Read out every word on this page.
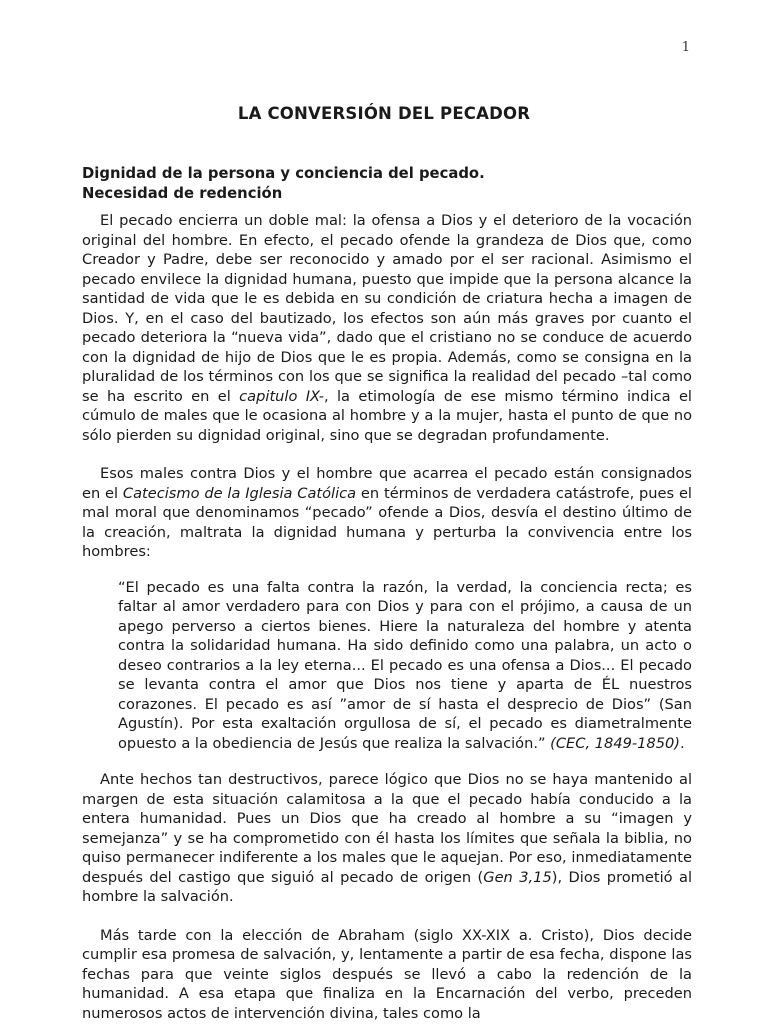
1
LA CONVERSIÓN DEL PECADOR
Dignidad de la persona y conciencia del pecado.
Necesidad de redención

El pecado encierra un doble mal: la ofensa a Dios y el deterioro de la vocación original del hombre. En efecto, el pecado ofende la grandeza de Dios que, como Creador y Padre, debe ser reconocido y amado por el ser racional. Asimismo el pecado envilece la dignidad humana, puesto que impide que la persona alcance la santidad de vida que le es debida en su condición de criatura hecha a imagen de Dios. Y, en el caso del bautizado, los efectos son aún más graves por cuanto el pecado deteriora la “nueva vida”, dado que el cristiano no se conduce de acuerdo con la dignidad de hijo de Dios que le es propia. Además, como se consigna en la pluralidad de los términos con los que se significa la realidad del pecado –tal como se ha escrito en el capitulo IX-, la etimología de ese mismo término indica el cúmulo de males que le ocasiona al hombre y a la mujer, hasta el punto de que no sólo pierden su dignidad original, sino que se degradan profundamente.

Esos males contra Dios y el hombre que acarrea el pecado están consignados en el Catecismo de la Iglesia Católica en términos de verdadera catástrofe, pues el mal moral que denominamos “pecado” ofende a Dios, desvía el destino último de la creación, maltrata la dignidad humana y perturba la convivencia entre los hombres:

“El pecado es una falta contra la razón, la verdad, la conciencia recta; es faltar al amor verdadero para con Dios y para con el prójimo, a causa de un apego perverso a ciertos bienes. Hiere la naturaleza del hombre y atenta contra la solidaridad humana. Ha sido definido como una palabra, un acto o deseo contrarios a la ley eterna... El pecado es una ofensa a Dios... El pecado se levanta contra el amor que Dios nos tiene y aparta de ÉL nuestros corazones. El pecado es así ”amor de sí hasta el desprecio de Dios” (San Agustín). Por esta exaltación orgullosa de sí, el pecado es diametralmente opuesto a la obediencia de Jesús que realiza la salvación.” (CEC, 1849-1850).

Ante hechos tan destructivos, parece lógico que Dios no se haya mantenido al margen de esta situación calamitosa a la que el pecado había conducido a la entera humanidad. Pues un Dios que ha creado al hombre a su “imagen y semejanza” y se ha comprometido con él hasta los límites que señala la biblia, no quiso permanecer indiferente a los males que le aquejan. Por eso, inmediatamente después del castigo que siguió al pecado de origen (Gen 3,15), Dios prometió al hombre la salvación.

Más tarde con la elección de Abraham (siglo XX-XIX a. Cristo), Dios decide cumplir esa promesa de salvación, y, lentamente a partir de esa fecha, dispone las fechas para que veinte siglos después se llevó a cabo la redención de la humanidad. A esa etapa que finaliza en la Encarnación del verbo, preceden numerosos actos de intervención divina, tales como la
